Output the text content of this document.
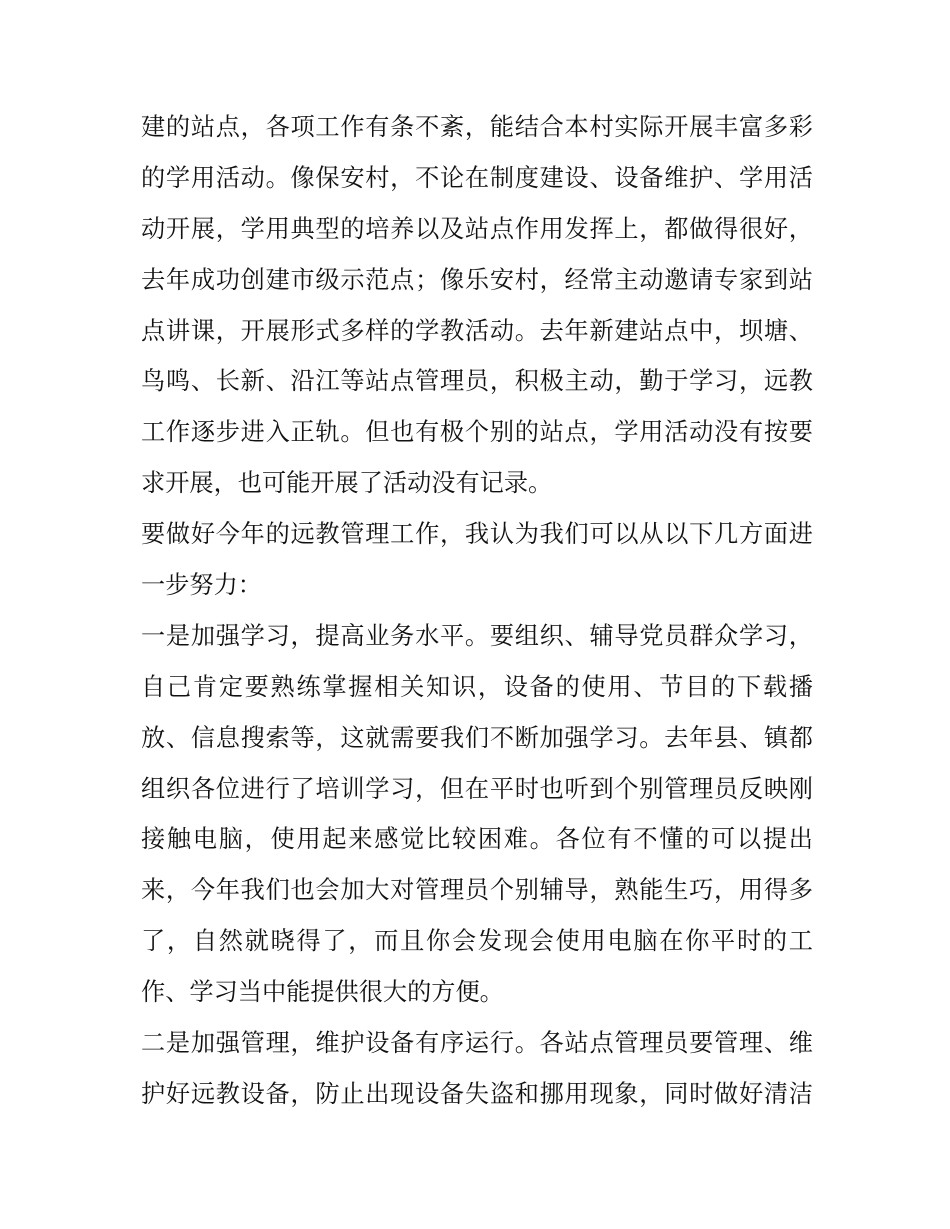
建的站点，各项工作有条不紊，能结合本村实际开展丰富多彩
的学用活动。像保安村，不论在制度建设、设备维护、学用活
动开展，学用典型的培养以及站点作用发挥上，都做得很好，
去年成功创建市级示范点；像乐安村，经常主动邀请专家到站
点讲课，开展形式多样的学教活动。去年新建站点中，坝塘、
鸟鸣、长新、沿江等站点管理员，积极主动，勤于学习，远教
工作逐步进入正轨。但也有极个别的站点，学用活动没有按要
求开展，也可能开展了活动没有记录。
要做好今年的远教管理工作，我认为我们可以从以下几方面进
一步努力：
一是加强学习，提高业务水平。要组织、辅导党员群众学习，
自己肯定要熟练掌握相关知识，设备的使用、节目的下载播
放、信息搜索等，这就需要我们不断加强学习。去年县、镇都
组织各位进行了培训学习，但在平时也听到个别管理员反映刚
接触电脑，使用起来感觉比较困难。各位有不懂的可以提出
来，今年我们也会加大对管理员个别辅导，熟能生巧，用得多
了，自然就晓得了，而且你会发现会使用电脑在你平时的工
作、学习当中能提供很大的方便。
二是加强管理，维护设备有序运行。各站点管理员要管理、维
护好远教设备，防止出现设备失盗和挪用现象，同时做好清洁
